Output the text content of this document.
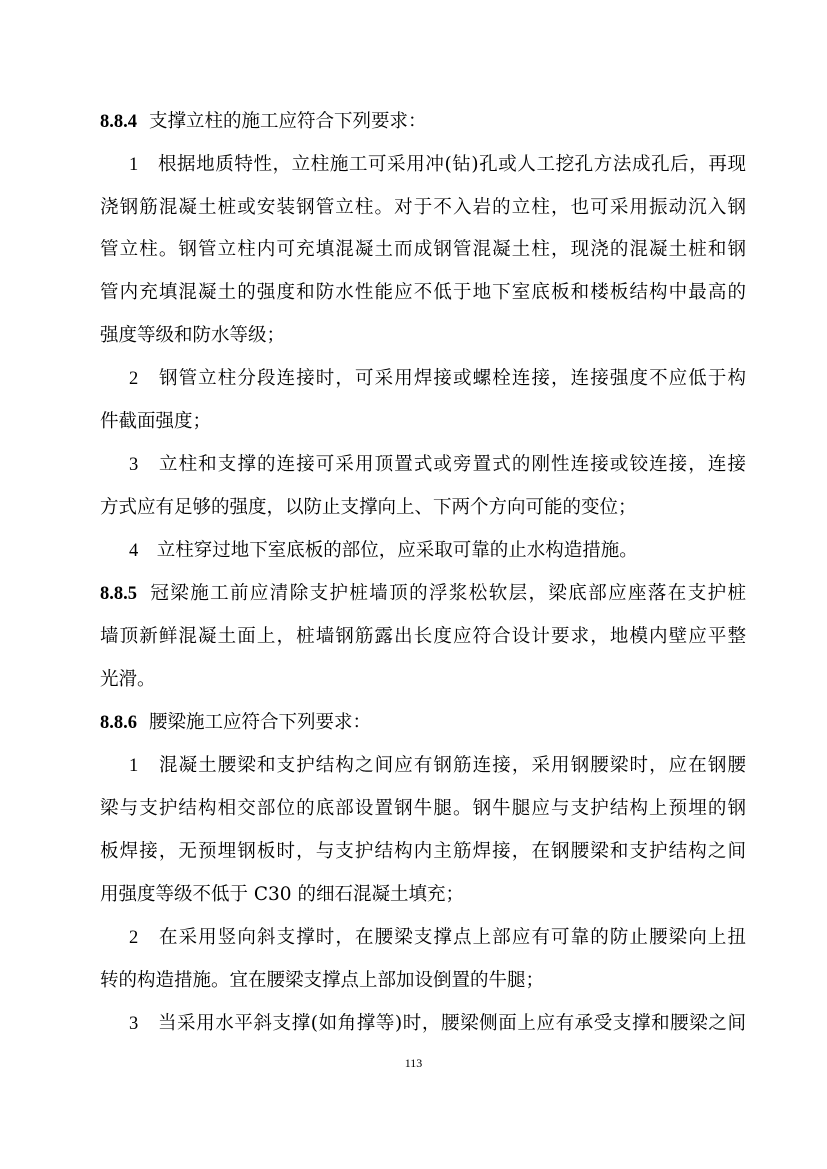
8.8.4 支撑立柱的施工应符合下列要求：
1　 根据地质特性，立柱施工可采用冲(钻)孔或人工挖孔方法成孔后，再现
浇钢筋混凝土桩或安装钢管立柱。对于不入岩的立柱，也可采用振动沉入钢
管立柱。钢管立柱内可充填混凝土而成钢管混凝土柱，现浇的混凝土桩和钢
管内充填混凝土的强度和防水性能应不低于地下室底板和楼板结构中最高的
强度等级和防水等级；
2　 钢管立柱分段连接时，可采用焊接或螺栓连接，连接强度不应低于构
件截面强度；
3　 立柱和支撑的连接可采用顶置式或旁置式的刚性连接或铰连接，连接
方式应有足够的强度，以防止支撑向上、下两个方向可能的变位；
4　 立柱穿过地下室底板的部位，应采取可靠的止水构造措施。
8.8.5 冠梁施工前应清除支护桩墙顶的浮浆松软层，梁底部应座落在支护桩
墙顶新鲜混凝土面上，桩墙钢筋露出长度应符合设计要求，地模内壁应平整
光滑。
8.8.6 腰梁施工应符合下列要求：
1　 混凝土腰梁和支护结构之间应有钢筋连接，采用钢腰梁时，应在钢腰
梁与支护结构相交部位的底部设置钢牛腿。钢牛腿应与支护结构上预埋的钢
板焊接，无预埋钢板时，与支护结构内主筋焊接，在钢腰梁和支护结构之间
用强度等级不低于 C30 的细石混凝土填充；
2　 在采用竖向斜支撑时，在腰梁支撑点上部应有可靠的防止腰梁向上扭
转的构造措施。宜在腰梁支撑点上部加设倒置的牛腿；
3　 当采用水平斜支撑(如角撑等)时，腰梁侧面上应有承受支撑和腰梁之间
113
